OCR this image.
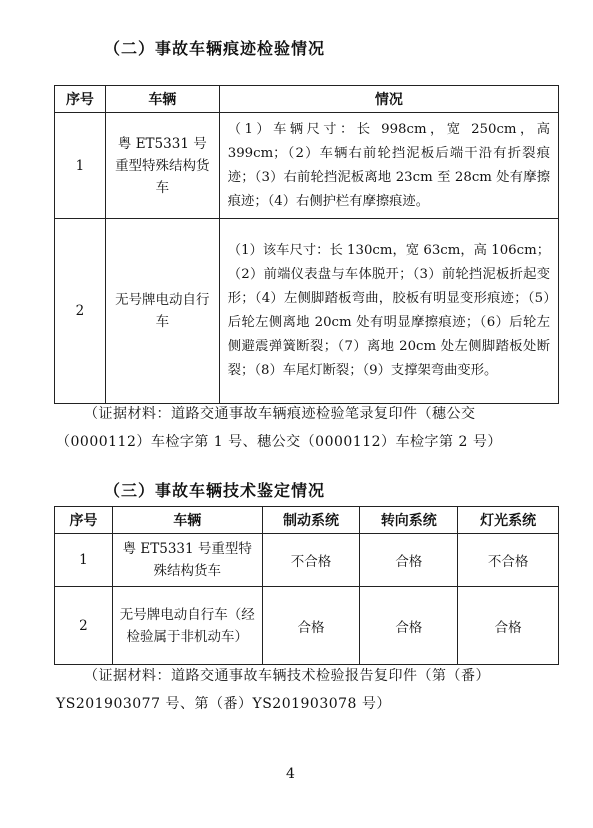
（二）事故车辆痕迹检验情况
序号	车辆	情况
1	粤 ET5331 号重型特殊结构货车	（1）车辆尺寸：长 998cm，宽 250cm，高 399cm；（2）车辆右前轮挡泥板后端干沿有折裂痕迹；（3）右前轮挡泥板离地 23cm 至 28cm 处有摩擦痕迹；（4）右侧护栏有摩擦痕迹。
2	无号牌电动自行车	（1）该车尺寸：长 130cm，宽 63cm，高 106cm；（2）前端仪表盘与车体脱开；（3）前轮挡泥板折起变形；（4）左侧脚踏板弯曲，胶板有明显变形痕迹；（5）后轮左侧离地 20cm 处有明显摩擦痕迹；（6）后轮左侧避震弹簧断裂；（7）离地 20cm 处左侧脚踏板处断裂；（8）车尾灯断裂；（9）支撑架弯曲变形。
（证据材料：道路交通事故车辆痕迹检验笔录复印件（穗公交（0000112）车检字第 1 号、穗公交（0000112）车检字第 2 号）
（三）事故车辆技术鉴定情况
序号	车辆	制动系统	转向系统	灯光系统
1	粤 ET5331 号重型特殊结构货车	不合格	合格	不合格
2	无号牌电动自行车（经检验属于非机动车）	合格	合格	合格
（证据材料：道路交通事故车辆技术检验报告复印件（第（番）YS201903077 号、第（番）YS201903078 号）
4
